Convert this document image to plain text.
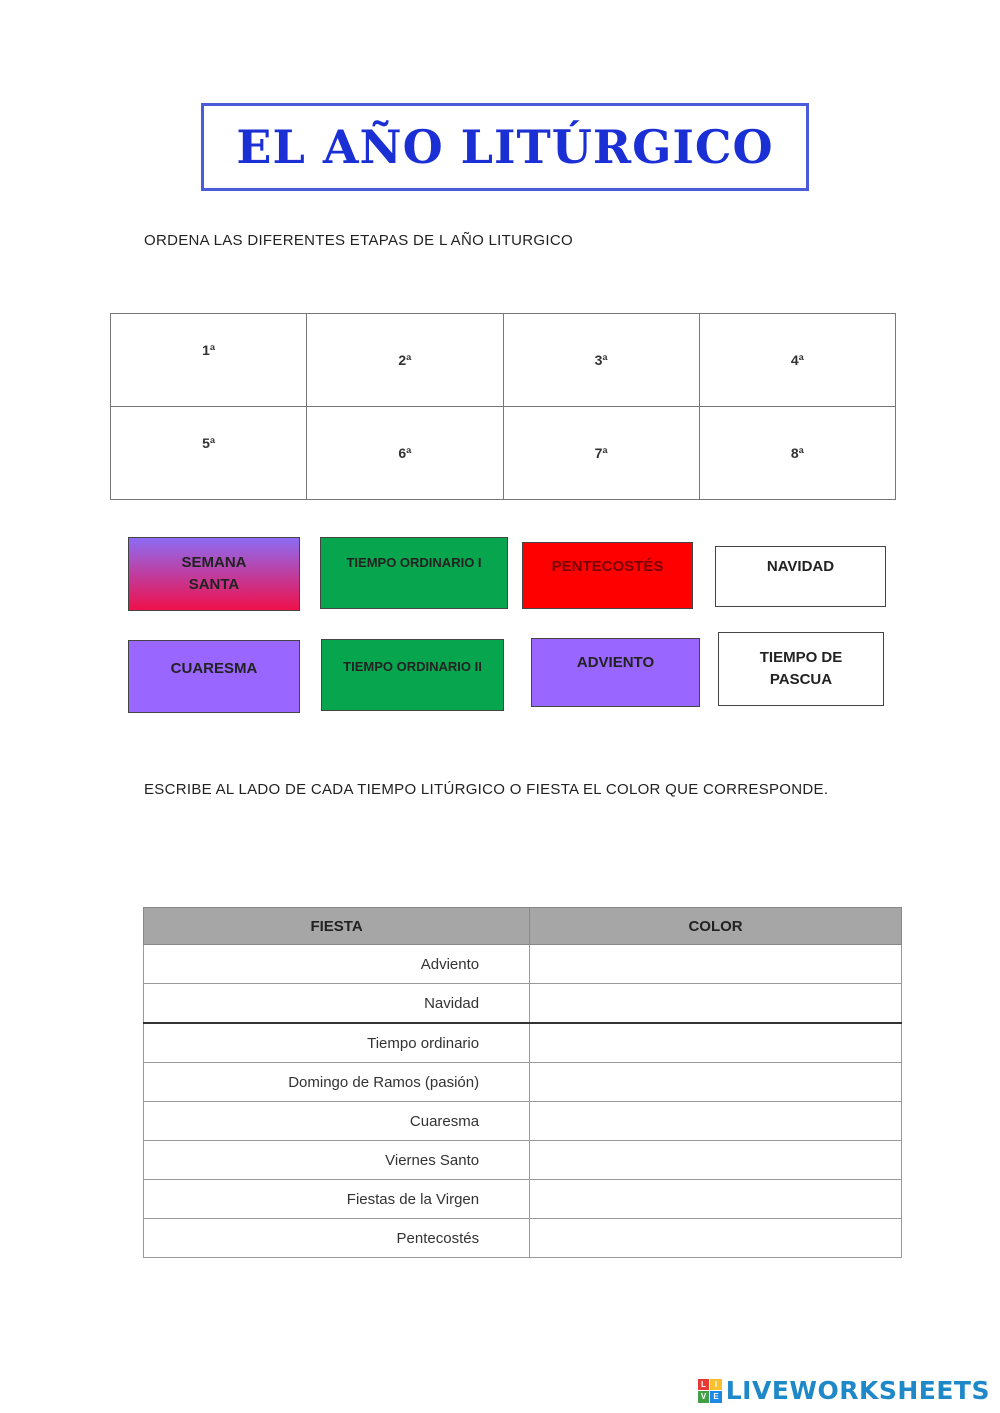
EL AÑO LITÚRGICO
ORDENA LAS DIFERENTES ETAPAS DE L AÑO LITURGICO
1ª	2ª	3ª	4ª
5ª	6ª	7ª	8ª
SEMANA
SANTA
TIEMPO ORDINARIO I	PENTECOSTÉS	NAVIDAD
CUARESMA	TIEMPO ORDINARIO II	ADVIENTO	TIEMPO DE
PASCUA
ESCRIBE AL LADO DE CADA TIEMPO LITÚRGICO O FIESTA EL COLOR QUE CORRESPONDE.
FIESTA	COLOR
Adviento	
Navidad	
Tiempo ordinario	
Domingo de Ramos (pasión)	
Cuaresma	
Viernes Santo	
Fiestas de la Virgen	
Pentecostés	
L	I
V E LIVEWORKSHEETS
